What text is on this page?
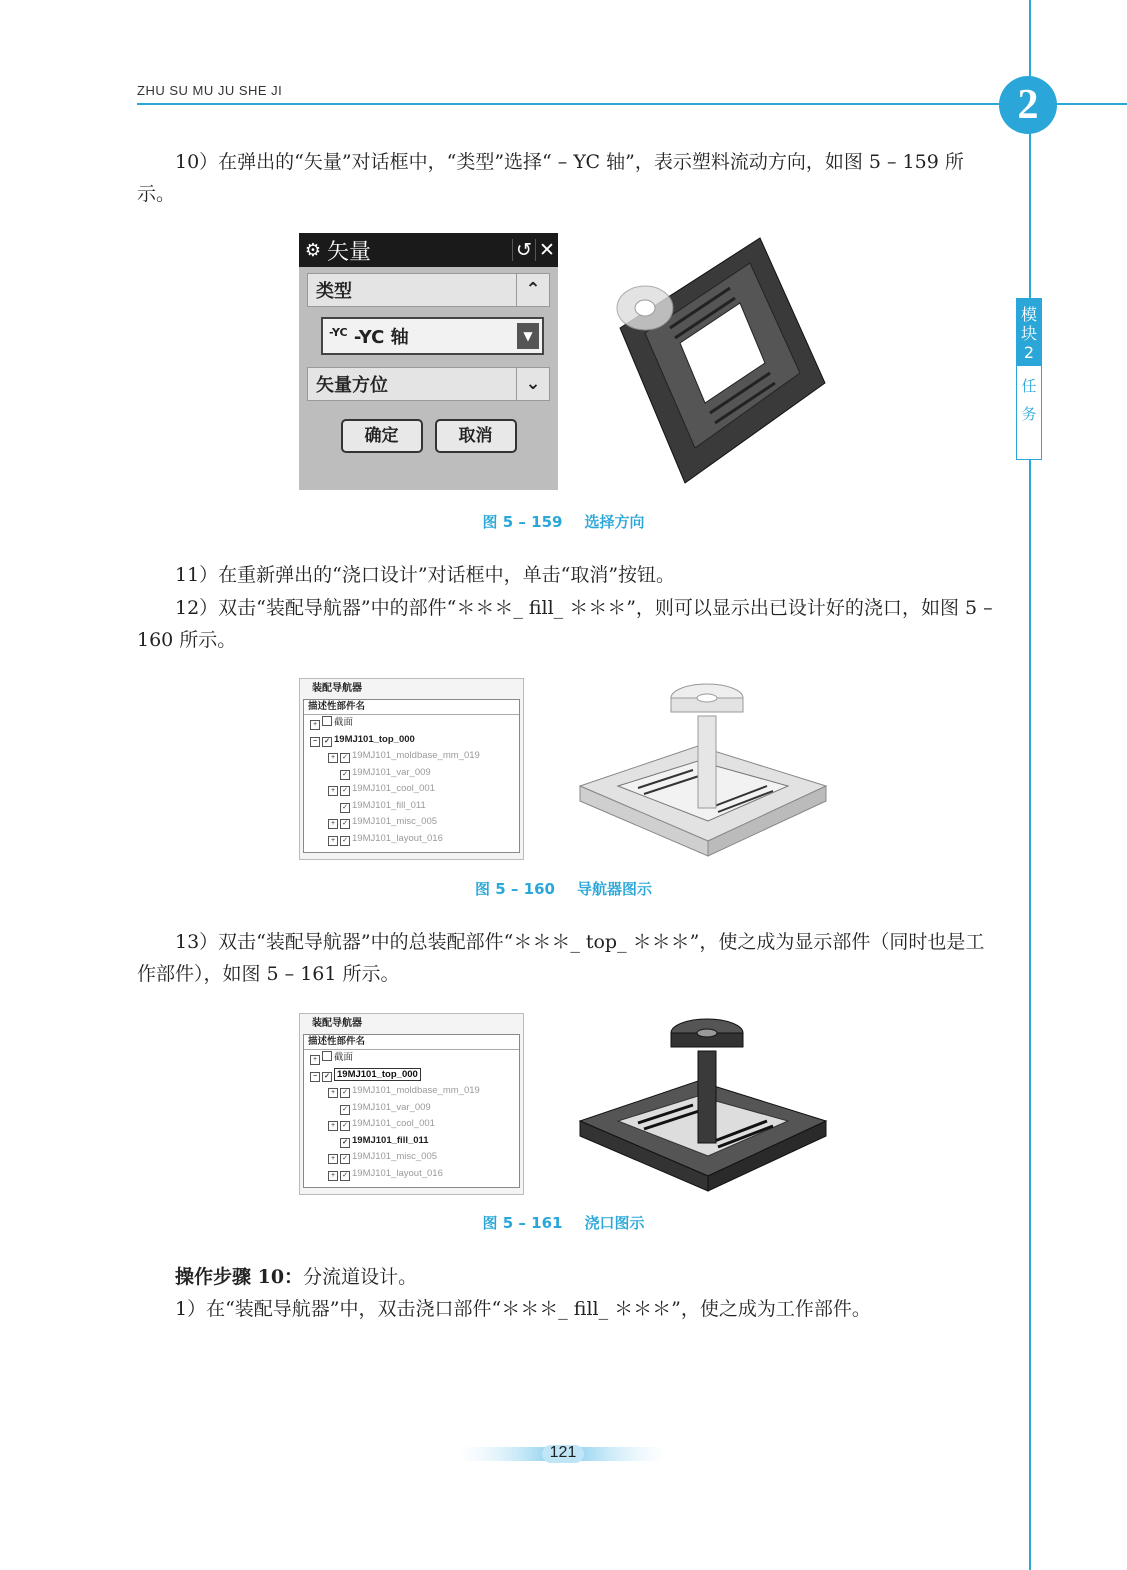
ZHU SU MU JU SHE JI	2
模
块
2
任
务
10）在弹出的“矢量”对话框中，“类型”选择“ – YC 轴”，表示塑料流动方向，如图 5 – 159 所示。
⚙ 矢量	↺ ✕
类型	⌃
$^{-YC}$ -YC 轴	▼
矢量方位	⌄
确定	取消
图 5 – 159 选择方向
11）在重新弹出的“浇口设计”对话框中，单击“取消”按钮。
12）双击“装配导航器”中的部件“＊＊＊_ fill_ ＊＊＊”，则可以显示出已设计好的浇口，如图 5 – 160 所示。
装配导航器
描述性部件名
+ 截面
− ✓ 19MJ101_top_000
+ ✓ 19MJ101_moldbase_mm_019
✓ 19MJ101_var_009
+ ✓ 19MJ101_cool_001
✓ 19MJ101_fill_011
+ ✓ 19MJ101_misc_005
+ ✓ 19MJ101_layout_016
图 5 – 160 导航器图示
13）双击“装配导航器”中的总装配部件“＊＊＊_ top_ ＊＊＊”，使之成为显示部件（同时也是工作部件），如图 5 – 161 所示。
装配导航器
描述性部件名
+ 截面
− ✓ 19MJ101_top_000
+ ✓ 19MJ101_moldbase_mm_019
✓ 19MJ101_var_009
+ ✓ 19MJ101_cool_001
✓ 19MJ101_fill_011
+ ✓ 19MJ101_misc_005
+ ✓ 19MJ101_layout_016
图 5 – 161 浇口图示
操作步骤 10：分流道设计。
1）在“装配导航器”中，双击浇口部件“＊＊＊_ fill_ ＊＊＊”，使之成为工作部件。
121
